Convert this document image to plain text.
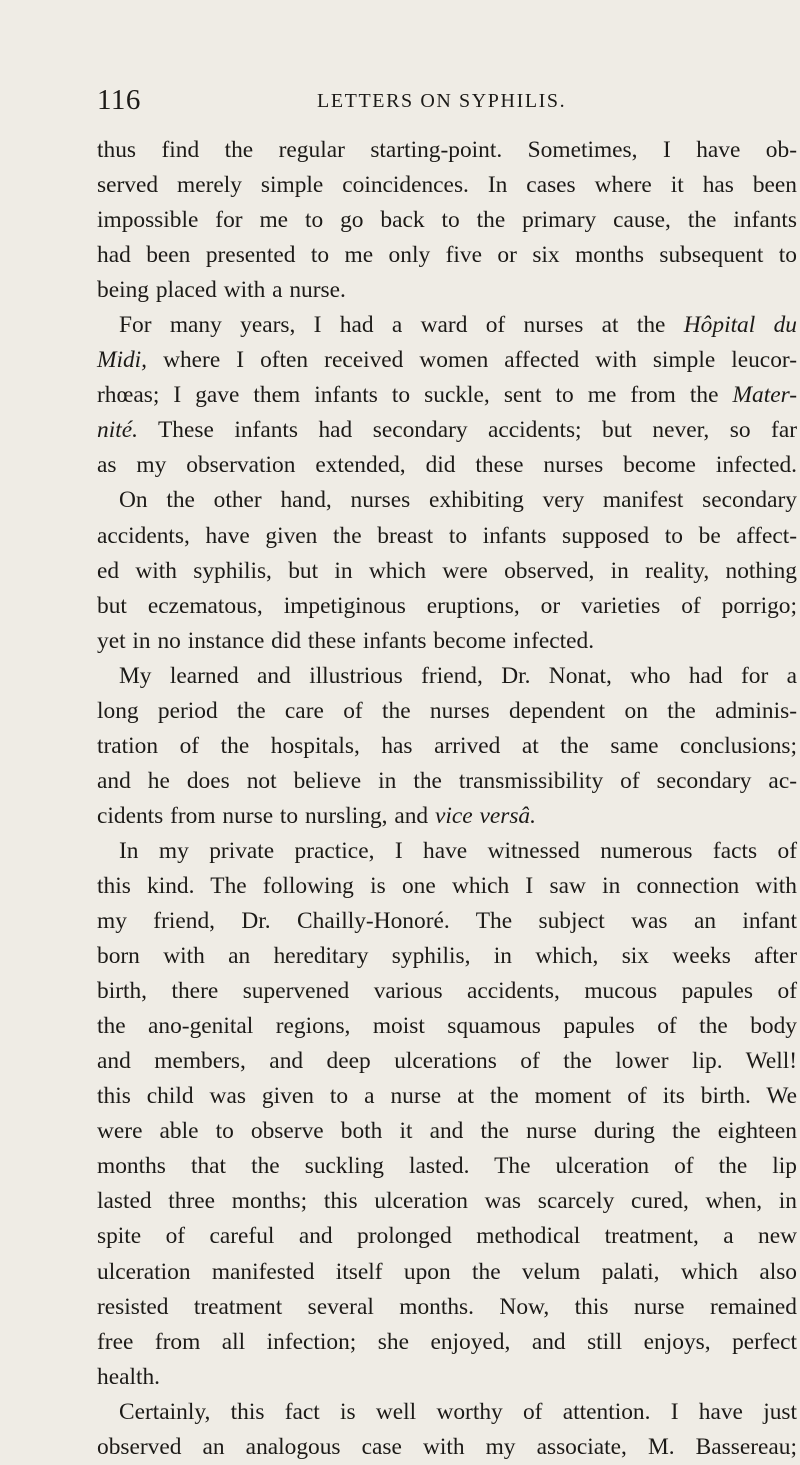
116	LETTERS ON SYPHILIS.
thus find the regular starting-point. Sometimes, I have ob-
served merely simple coincidences. In cases where it has been
impossible for me to go back to the primary cause, the infants
had been presented to me only five or six months subsequent to
being placed with a nurse.
For many years, I had a ward of nurses at the Hôpital du
Midi, where I often received women affected with simple leucor-
rhœas; I gave them infants to suckle, sent to me from the Mater-
nité. These infants had secondary accidents; but never, so far
as my observation extended, did these nurses become infected.
On the other hand, nurses exhibiting very manifest secondary
accidents, have given the breast to infants supposed to be affect-
ed with syphilis, but in which were observed, in reality, nothing
but eczematous, impetiginous eruptions, or varieties of porrigo;
yet in no instance did these infants become infected.
My learned and illustrious friend, Dr. Nonat, who had for a
long period the care of the nurses dependent on the adminis-
tration of the hospitals, has arrived at the same conclusions;
and he does not believe in the transmissibility of secondary ac-
cidents from nurse to nursling, and vice versâ.
In my private practice, I have witnessed numerous facts of
this kind. The following is one which I saw in connection with
my friend, Dr. Chailly-Honoré. The subject was an infant
born with an hereditary syphilis, in which, six weeks after
birth, there supervened various accidents, mucous papules of
the ano-genital regions, moist squamous papules of the body
and members, and deep ulcerations of the lower lip. Well!
this child was given to a nurse at the moment of its birth. We
were able to observe both it and the nurse during the eighteen
months that the suckling lasted. The ulceration of the lip
lasted three months; this ulceration was scarcely cured, when, in
spite of careful and prolonged methodical treatment, a new
ulceration manifested itself upon the velum palati, which also
resisted treatment several months. Now, this nurse remained
free from all infection; she enjoyed, and still enjoys, perfect
health.
Certainly, this fact is well worthy of attention. I have just
observed an analogous case with my associate, M. Bassereau;
